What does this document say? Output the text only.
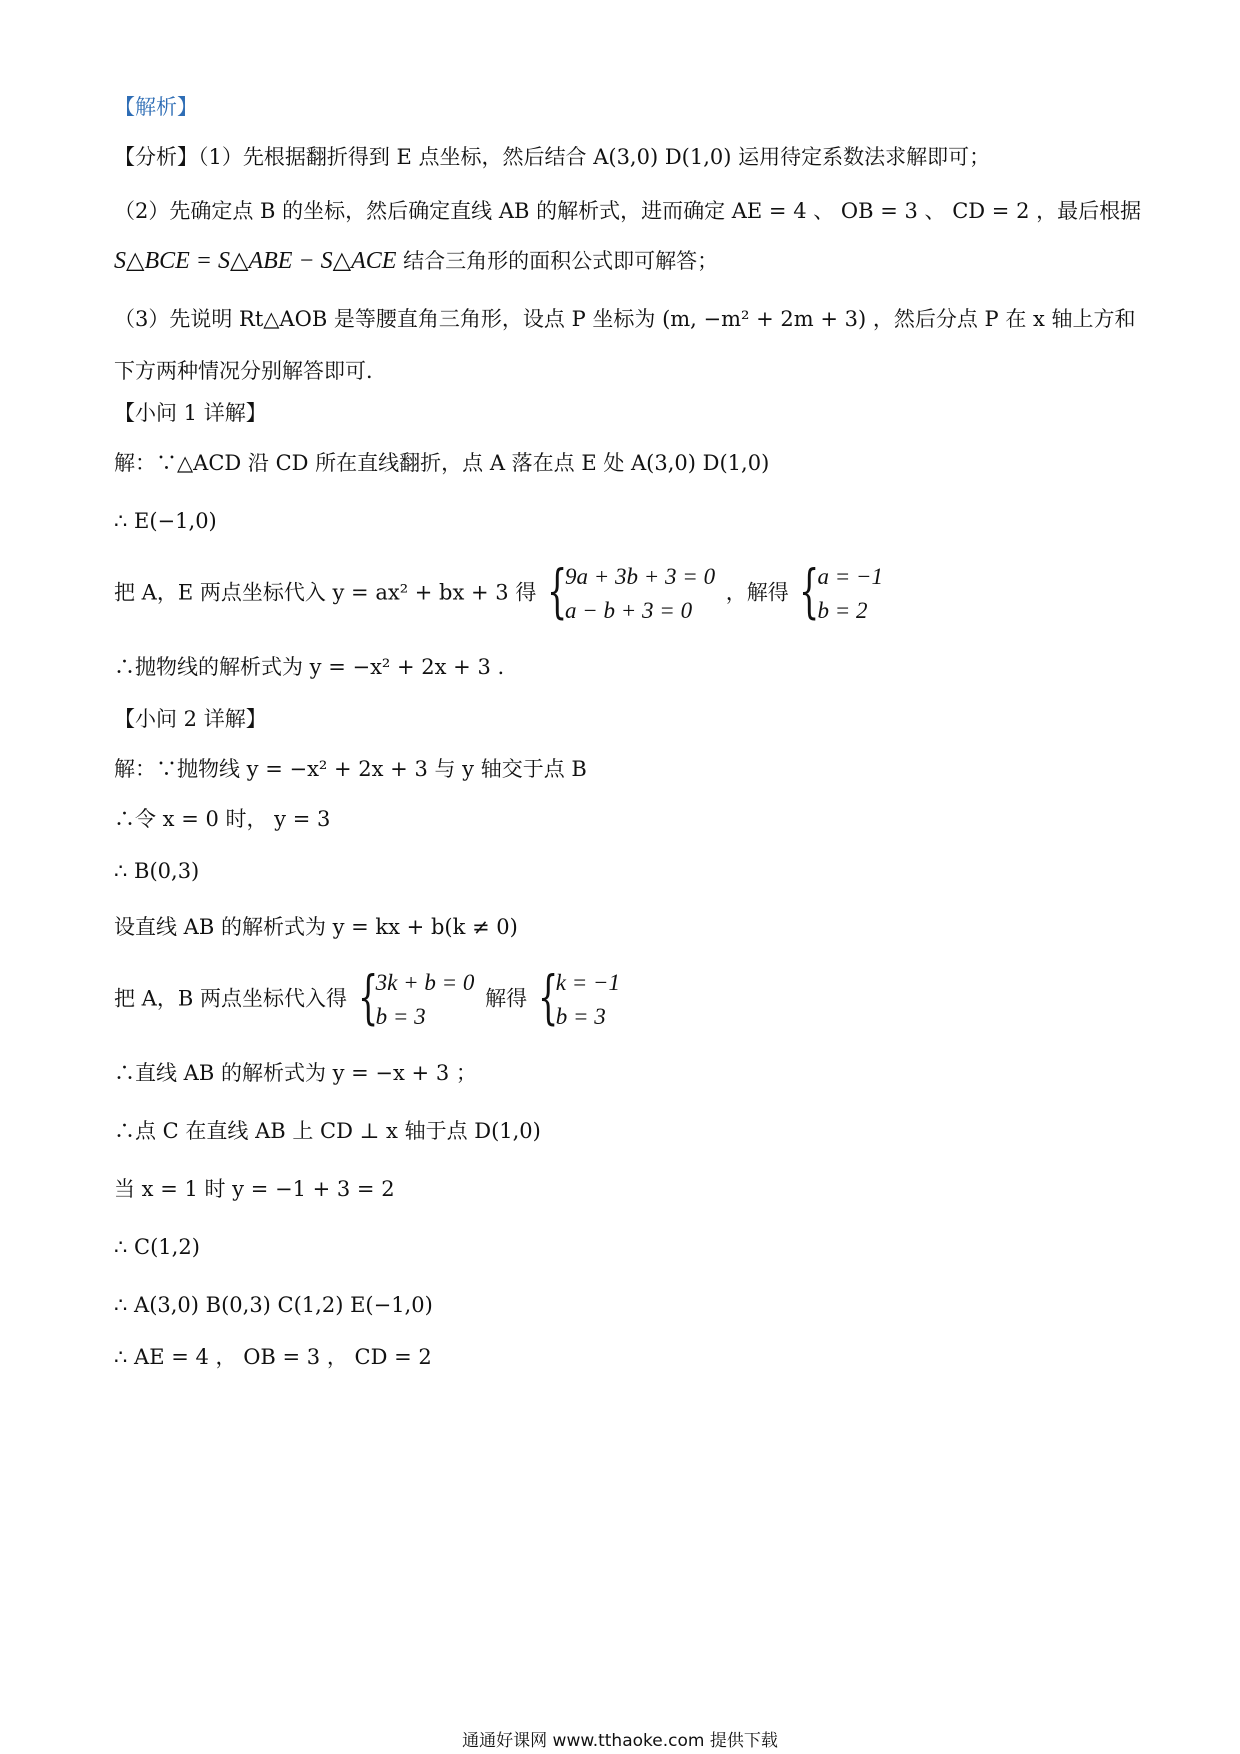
【解析】
【分析】（1）先根据翻折得到 E 点坐标，然后结合 A(3,0) D(1,0) 运用待定系数法求解即可；
（2）先确定点 B 的坐标，然后确定直线 AB 的解析式，进而确定 AE = 4 、 OB = 3 、 CD = 2 ，最后根据
S△BCE = S△ABE − S△ACE 结合三角形的面积公式即可解答；
（3）先说明 Rt△AOB 是等腰直角三角形，设点 P 坐标为 (m, −m² + 2m + 3) ，然后分点 P 在 x 轴上方和
下方两种情况分别解答即可．
【小问 1 详解】
解：∵△ACD 沿 CD 所在直线翻折，点 A 落在点 E 处 A(3,0) D(1,0)
∴ E(−1,0)
把 A，E 两点坐标代入 y = ax² + bx + 3 得 {
9a + 3b + 3 = 0
a − b + 3 = 0
，解得 {
a = −1
b = 2
∴抛物线的解析式为 y = −x² + 2x + 3 .
【小问 2 详解】
解：∵抛物线 y = −x² + 2x + 3 与 y 轴交于点 B
∴令 x = 0 时， y = 3
∴ B(0,3)
设直线 AB 的解析式为 y = kx + b(k ≠ 0)
把 A，B 两点坐标代入得 {
3k + b = 0
b = 3
解得 {
k = −1
b = 3
∴直线 AB 的解析式为 y = −x + 3 ；
∴点 C 在直线 AB 上 CD ⊥ x 轴于点 D(1,0)
当 x = 1 时 y = −1 + 3 = 2
∴ C(1,2)
∴ A(3,0) B(0,3) C(1,2) E(−1,0)
∴ AE = 4 ， OB = 3 ， CD = 2
通通好课网 www.tthaoke.com 提供下载
